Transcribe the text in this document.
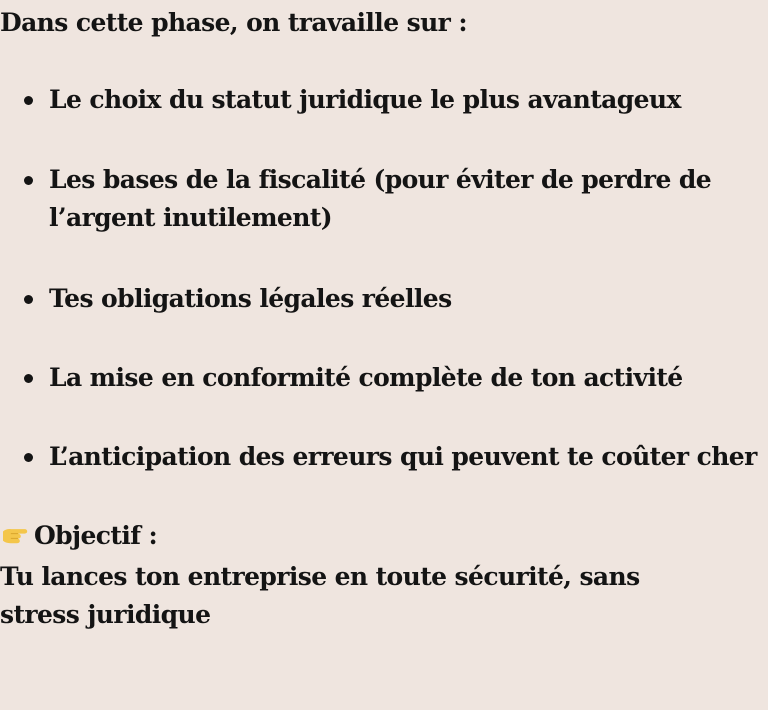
Dans cette phase, on travaille sur :
Le choix du statut juridique le plus avantageux
Les bases de la fiscalité (pour éviter de perdre de l’argent inutilement)
Tes obligations légales réelles
La mise en conformité complète de ton activité
L’anticipation des erreurs qui peuvent te coûter cher
Objectif :
Tu lances ton entreprise en toute sécurité, sans stress juridique
